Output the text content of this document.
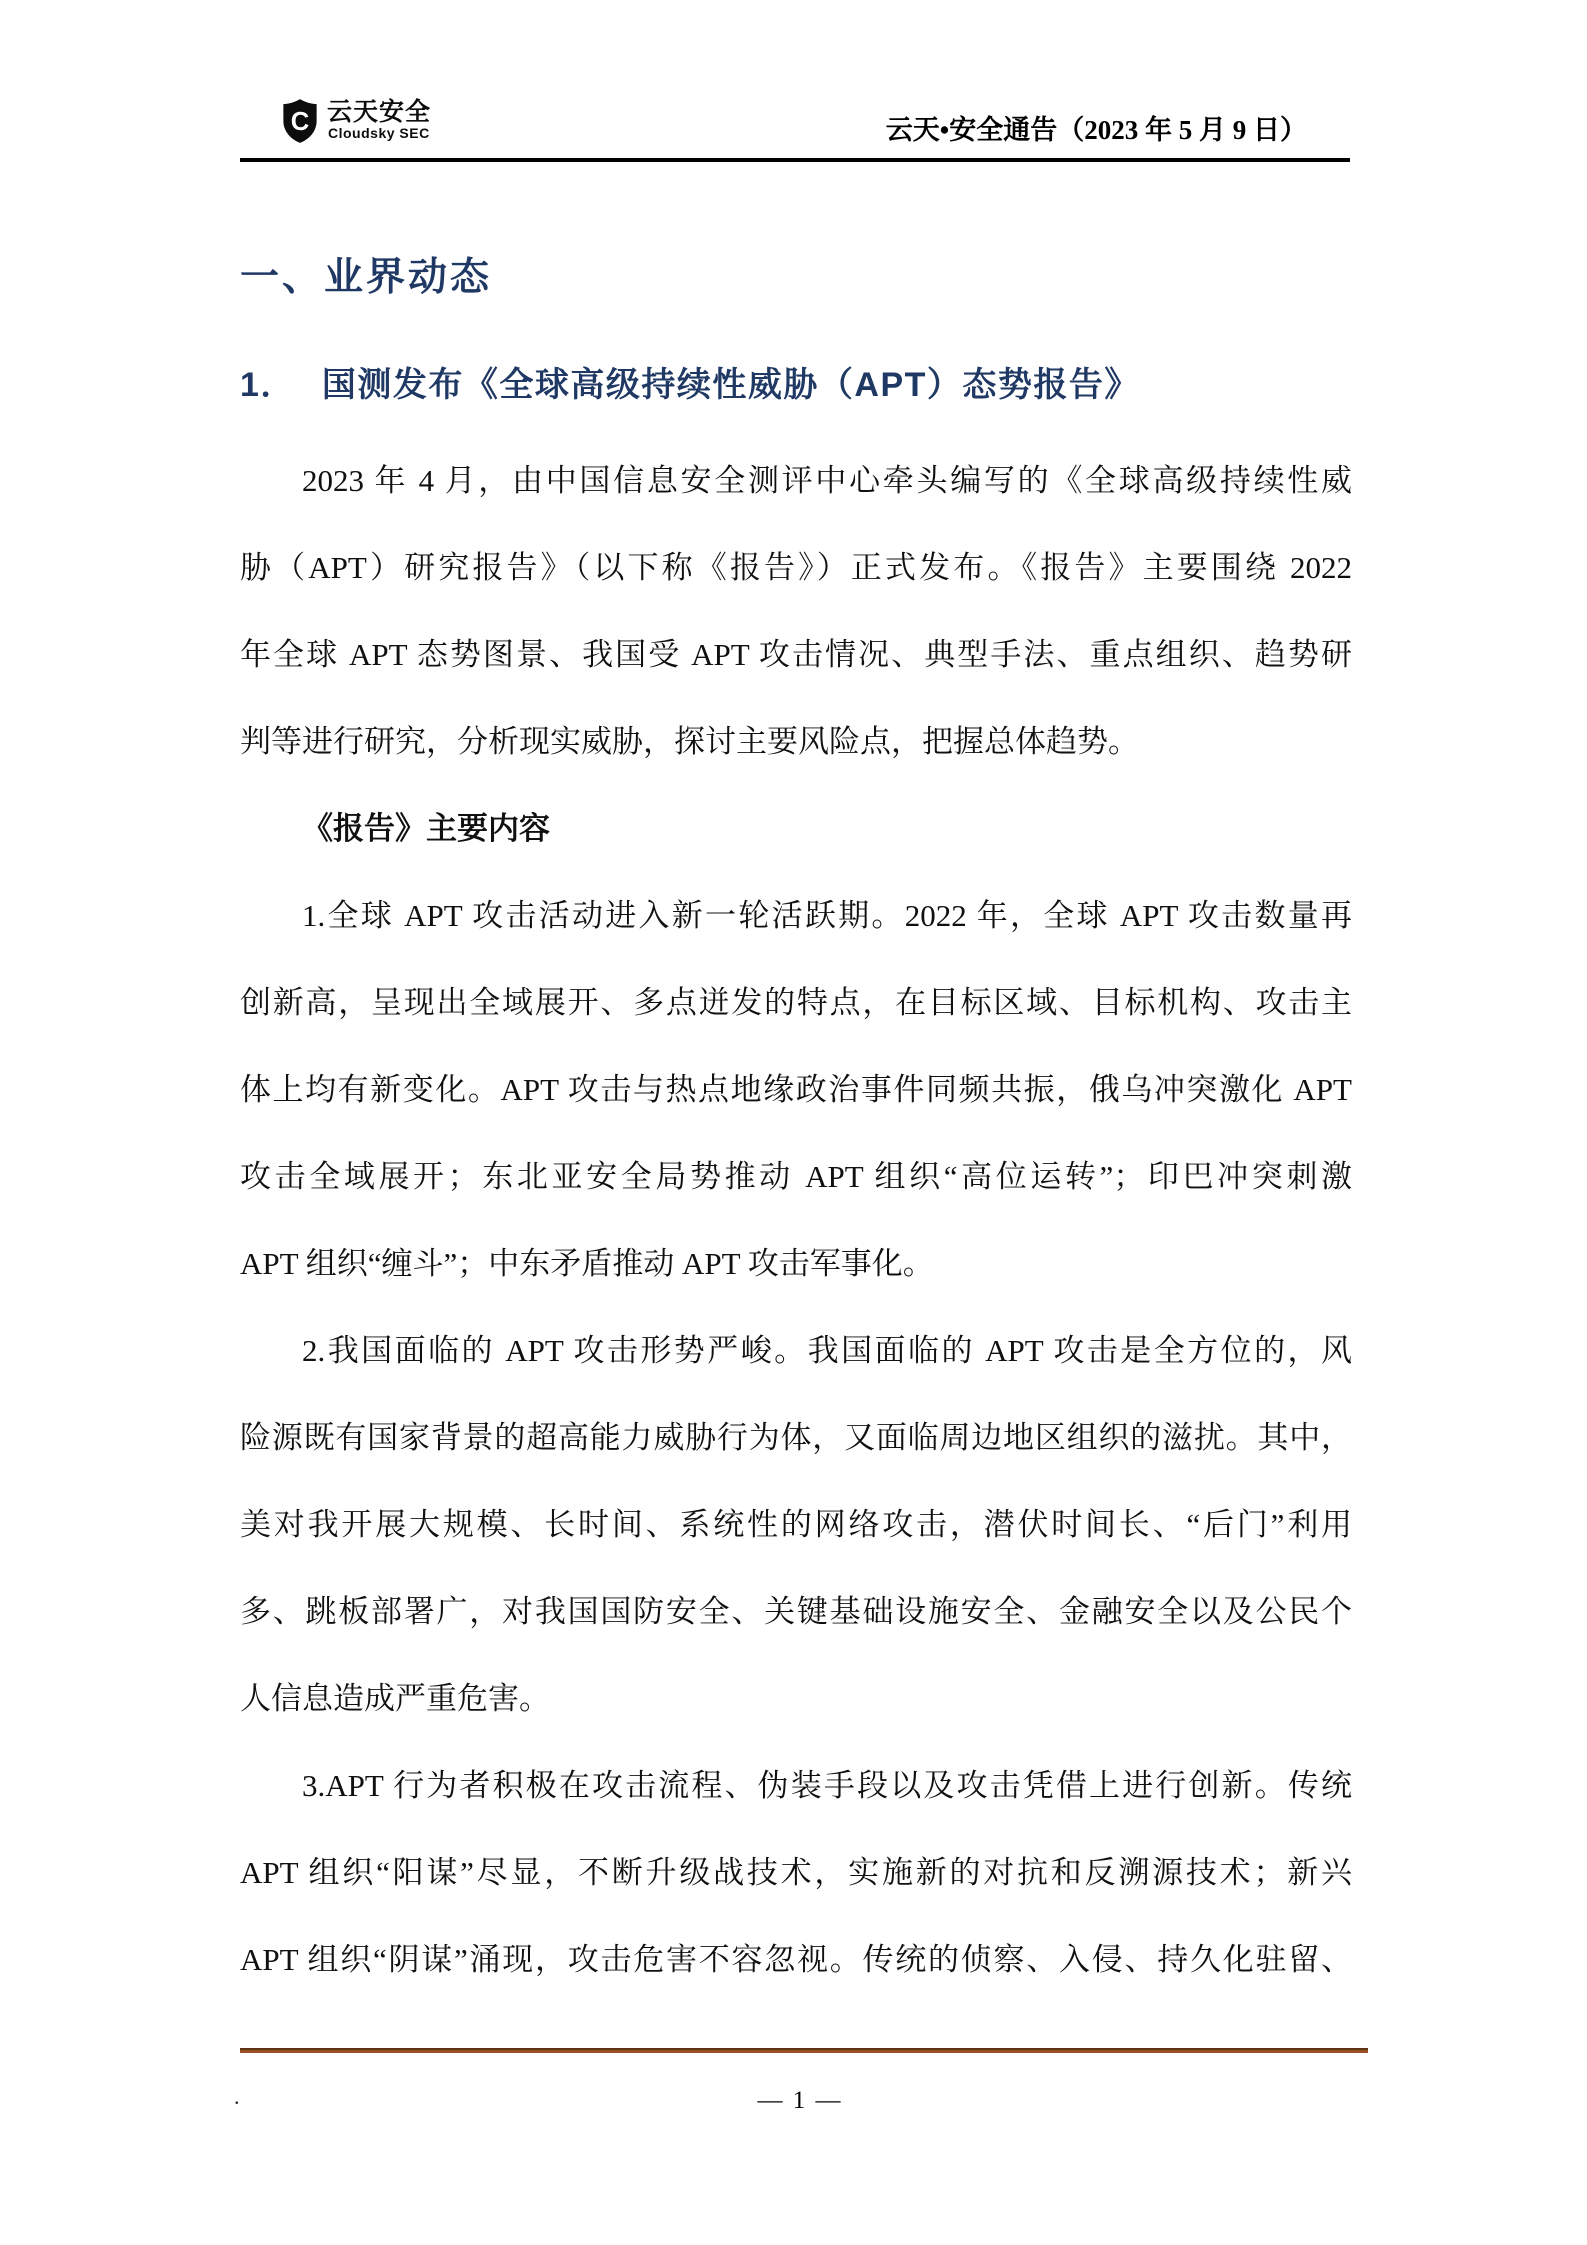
C 云天安全
Cloudsky SEC	云天•安全通告（2023 年 5 月 9 日）
一、业界动态
1． 国测发布《全球高级持续性威胁（APT）态势报告》
2023 年 4 月，由中国信息安全测评中心牵头编写的《全球高级持续性威
胁（APT）研究报告》（以下称《报告》）正式发布。《报告》主要围绕 2022
年全球 APT 态势图景、我国受 APT 攻击情况、典型手法、重点组织、趋势研
判等进行研究，分析现实威胁，探讨主要风险点，把握总体趋势。
《报告》主要内容
1.全球 APT 攻击活动进入新一轮活跃期。2022 年，全球 APT 攻击数量再
创新高，呈现出全域展开、多点迸发的特点，在目标区域、目标机构、攻击主
体上均有新变化。APT 攻击与热点地缘政治事件同频共振，俄乌冲突激化 APT
攻击全域展开；东北亚安全局势推动 APT 组织“高位运转”；印巴冲突刺激
APT 组织“缠斗”；中东矛盾推动 APT 攻击军事化。
2.我国面临的 APT 攻击形势严峻。我国面临的 APT 攻击是全方位的，风
险源既有国家背景的超高能力威胁行为体，又面临周边地区组织的滋扰。其中，
美对我开展大规模、长时间、系统性的网络攻击，潜伏时间长、“后门”利用
多、跳板部署广，对我国国防安全、关键基础设施安全、金融安全以及公民个
人信息造成严重危害。
3.APT 行为者积极在攻击流程、伪装手段以及攻击凭借上进行创新。传统
APT 组织“阳谋”尽显，不断升级战技术，实施新的对抗和反溯源技术；新兴
APT 组织“阴谋”涌现，攻击危害不容忽视。传统的侦察、入侵、持久化驻留、
.	— 1 —
